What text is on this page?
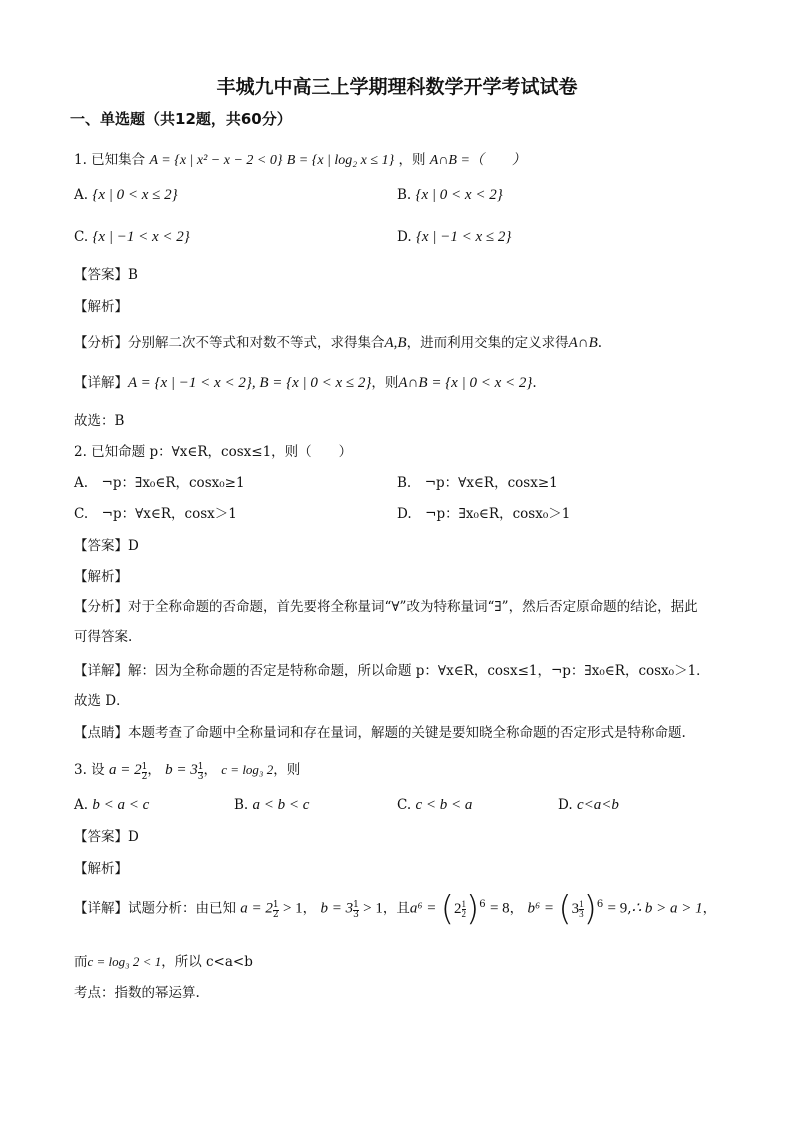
丰城九中高三上学期理科数学开学考试试卷
一、单选题（共12题，共60分）
1. 已知集合 A = {x | x² − x − 2 < 0} B = {x | log₂ x ≤ 1} ，则 A∩B =（　　）
A. {x | 0 < x ≤ 2}	B. {x | 0 < x < 2}
C. {x | −1 < x < 2}	D. {x | −1 < x ≤ 2}
【答案】B
【解析】
【分析】分别解二次不等式和对数不等式，求得集合A,B，进而利用交集的定义求得A∩B.
【详解】A = {x | −1 < x < 2}, B = {x | 0 < x ≤ 2}，则A∩B = {x | 0 < x < 2}.
故选：B
2. 已知命题 p：∀x∈R，cosx≤1，则（　　）
A.　¬p：∃x₀∈R，cosx₀≥1	B.　¬p：∀x∈R，cosx≥1
C.　¬p：∀x∈R，cosx＞1	D.　¬p：∃x₀∈R，cosx₀＞1
【答案】D
【解析】
【分析】对于全称命题的否命题，首先要将全称量词“∀”改为特称量词“∃”，然后否定原命题的结论，据此
可得答案.
【详解】解：因为全称命题的否定是特称命题，所以命题 p：∀x∈R，cosx≤1，¬p：∃x₀∈R，cosx₀＞1．
故选 D．
【点睛】本题考查了命题中全称量词和存在量词，解题的关键是要知晓全称命题的否定形式是特称命题.
3. 设 $a = 2 \frac{1}{2}$ ， $b = 3 \frac{1}{3}$ ， c = log₃ 2，则
A. b < a < c	B. a < b < c	C. c < b < a	D. c<a<b
【答案】D
【解析】
【详解】试题分析：由已知 $a = 2 \frac{1}{2} > 1$， $b = 3 \frac{1}{3} > 1$，且$a^6 = (2 \frac{1}{2} )^6 = 8$， $b^6 = (3 \frac{1}{3} )^6$ = 9,∴ b > a > 1，
而c = log₃ 2 < 1，所以 c<a<b
考点：指数的幂运算.
